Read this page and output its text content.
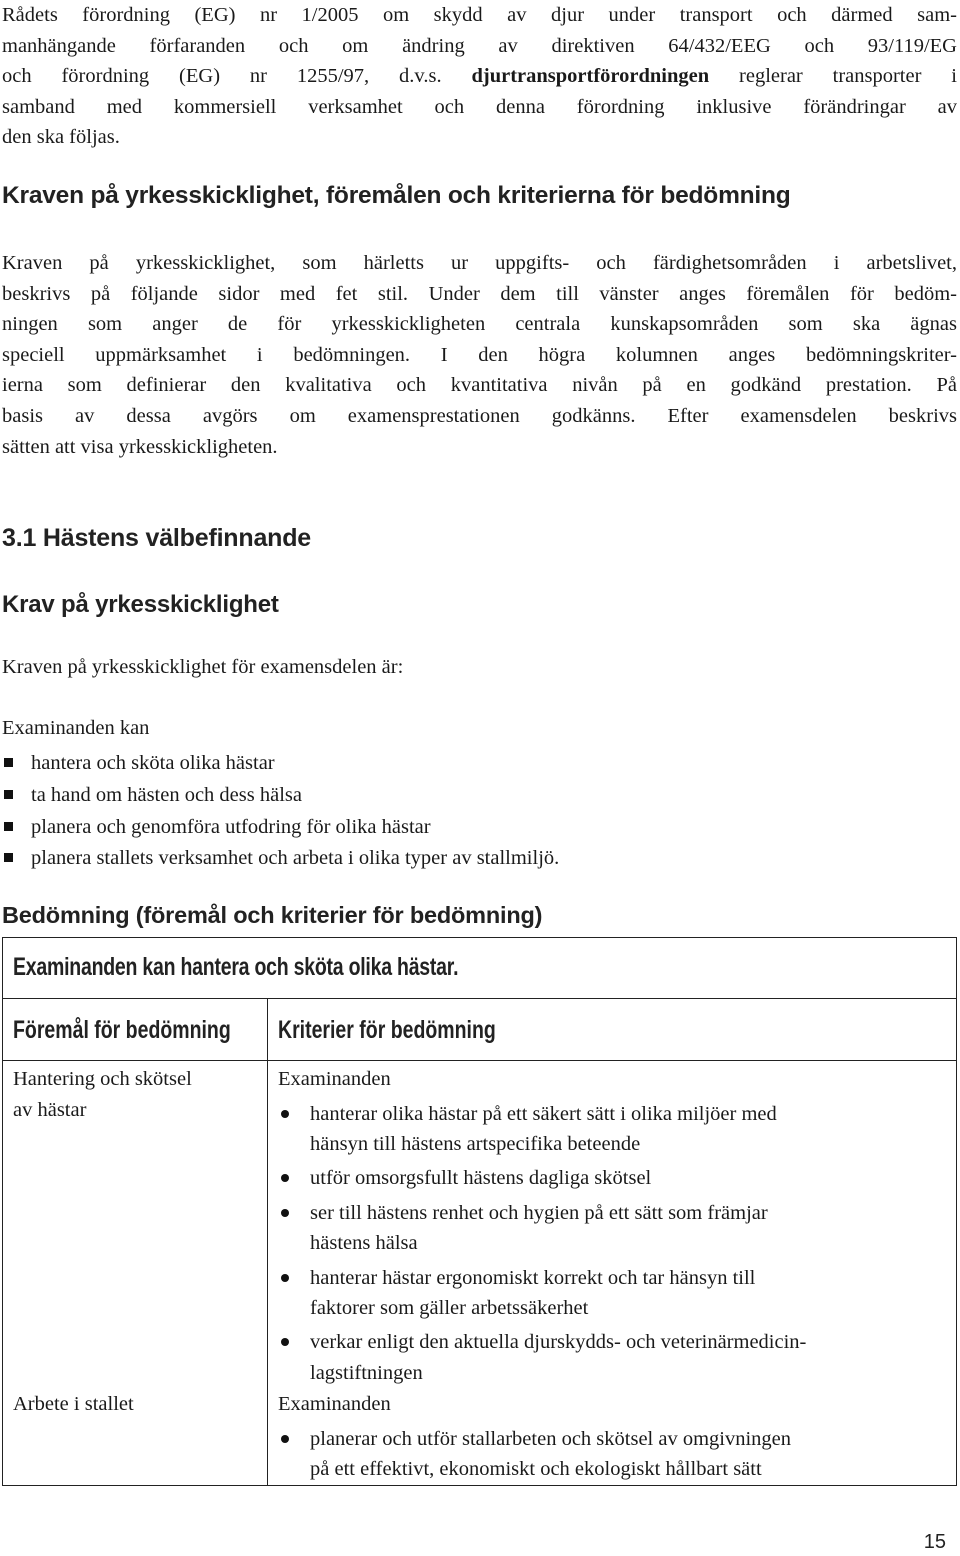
Rådets förordning (EG) nr 1/2005 om skydd av djur under transport och därmed sam-
manhängande förfaranden och om ändring av direktiven 64/432/EEG och 93/119/EG
och förordning (EG) nr 1255/97, d.v.s. djurtransportförordningen reglerar transporter i
samband med kommersiell verksamhet och denna förordning inklusive förändringar av
den ska följas.

Kraven på yrkesskicklighet, föremålen och kriterierna för bedömning

Kraven på yrkesskicklighet, som härletts ur uppgifts- och färdighetsområden i arbetslivet,
beskrivs på följande sidor med fet stil. Under dem till vänster anges föremålen för bedöm-
ningen som anger de för yrkesskickligheten centrala kunskapsområden som ska ägnas
speciell uppmärksamhet i bedömningen. I den högra kolumnen anges bedömningskriter-
ierna som definierar den kvalitativa och kvantitativa nivån på en godkänd prestation. På
basis av dessa avgörs om examensprestationen godkänns. Efter examensdelen beskrivs
sätten att visa yrkesskickligheten.

3.1 Hästens välbefinnande
Krav på yrkesskicklighet

Kraven på yrkesskicklighet för examensdelen är:

Examinanden kan

hantera och sköta olika hästar
ta hand om hästen och dess hälsa
planera och genomföra utfodring för olika hästar
planera stallets verksamhet och arbeta i olika typer av stallmiljö.
Bedömning (föremål och kriterier för bedömning)
Examinanden kan hantera och sköta olika hästar.
Föremål för bedömning Kriterier för bedömning
Hantering och skötsel
av hästar
Examinanden
hanterar olika hästar på ett säkert sätt i olika miljöer med
hänsyn till hästens artspecifika beteende
utför omsorgsfullt hästens dagliga skötsel
ser till hästens renhet och hygien på ett sätt som främjar
hästens hälsa
hanterar hästar ergonomiskt korrekt och tar hänsyn till
faktorer som gäller arbetssäkerhet
verkar enligt den aktuella djurskydds- och veterinärmedicin-
lagstiftningen
Arbete i stallet	Examinanden
planerar och utför stallarbeten och skötsel av omgivningen
på ett effektivt, ekonomiskt och ekologiskt hållbart sätt
15
